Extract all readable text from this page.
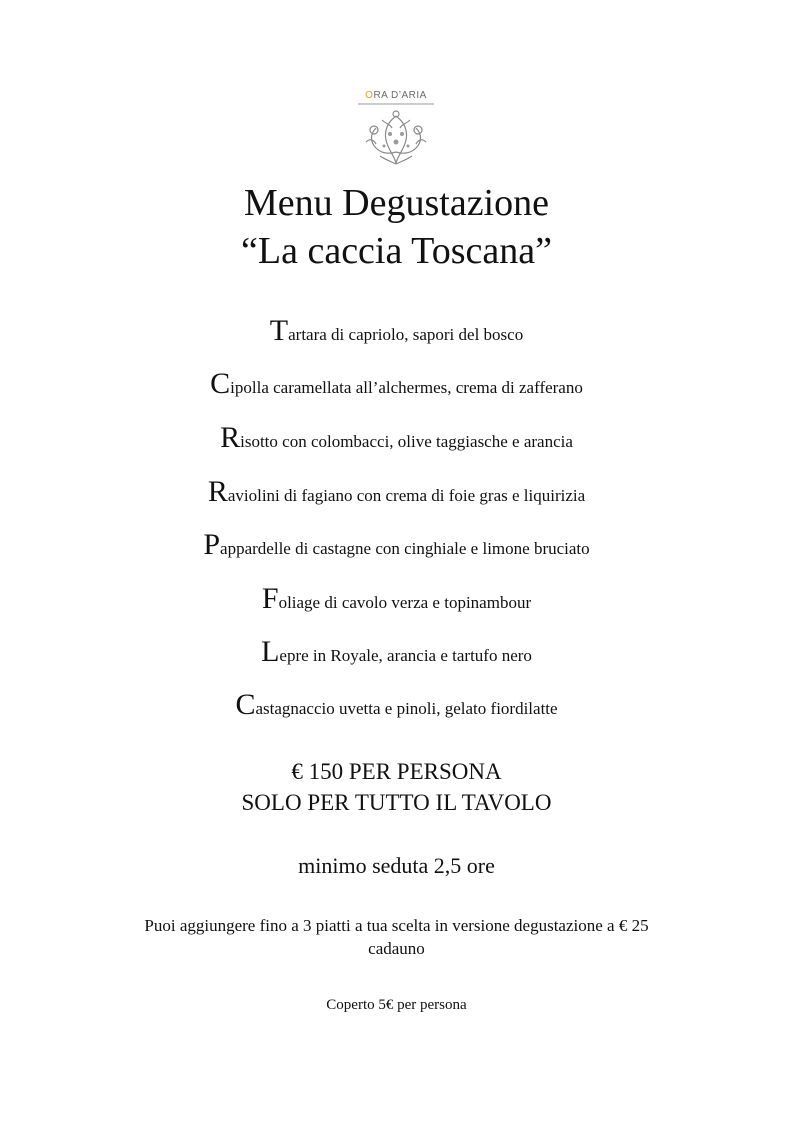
ORA D’ARIA
Menu Degustazione
“La caccia Toscana”
Tartara di capriolo, sapori del bosco
Cipolla caramellata all’alchermes, crema di zafferano
Risotto con colombacci, olive taggiasche e arancia
Raviolini di fagiano con crema di foie gras e liquirizia
Pappardelle di castagne con cinghiale e limone bruciato
Foliage di cavolo verza e topinambour
Lepre in Royale, arancia e tartufo nero
Castagnaccio uvetta e pinoli, gelato fiordilatte
€ 150 PER PERSONA
SOLO PER TUTTO IL TAVOLO
minimo seduta 2,5 ore
Puoi aggiungere fino a 3 piatti a tua scelta in versione degustazione a € 25
cadauno
Coperto 5€ per persona
